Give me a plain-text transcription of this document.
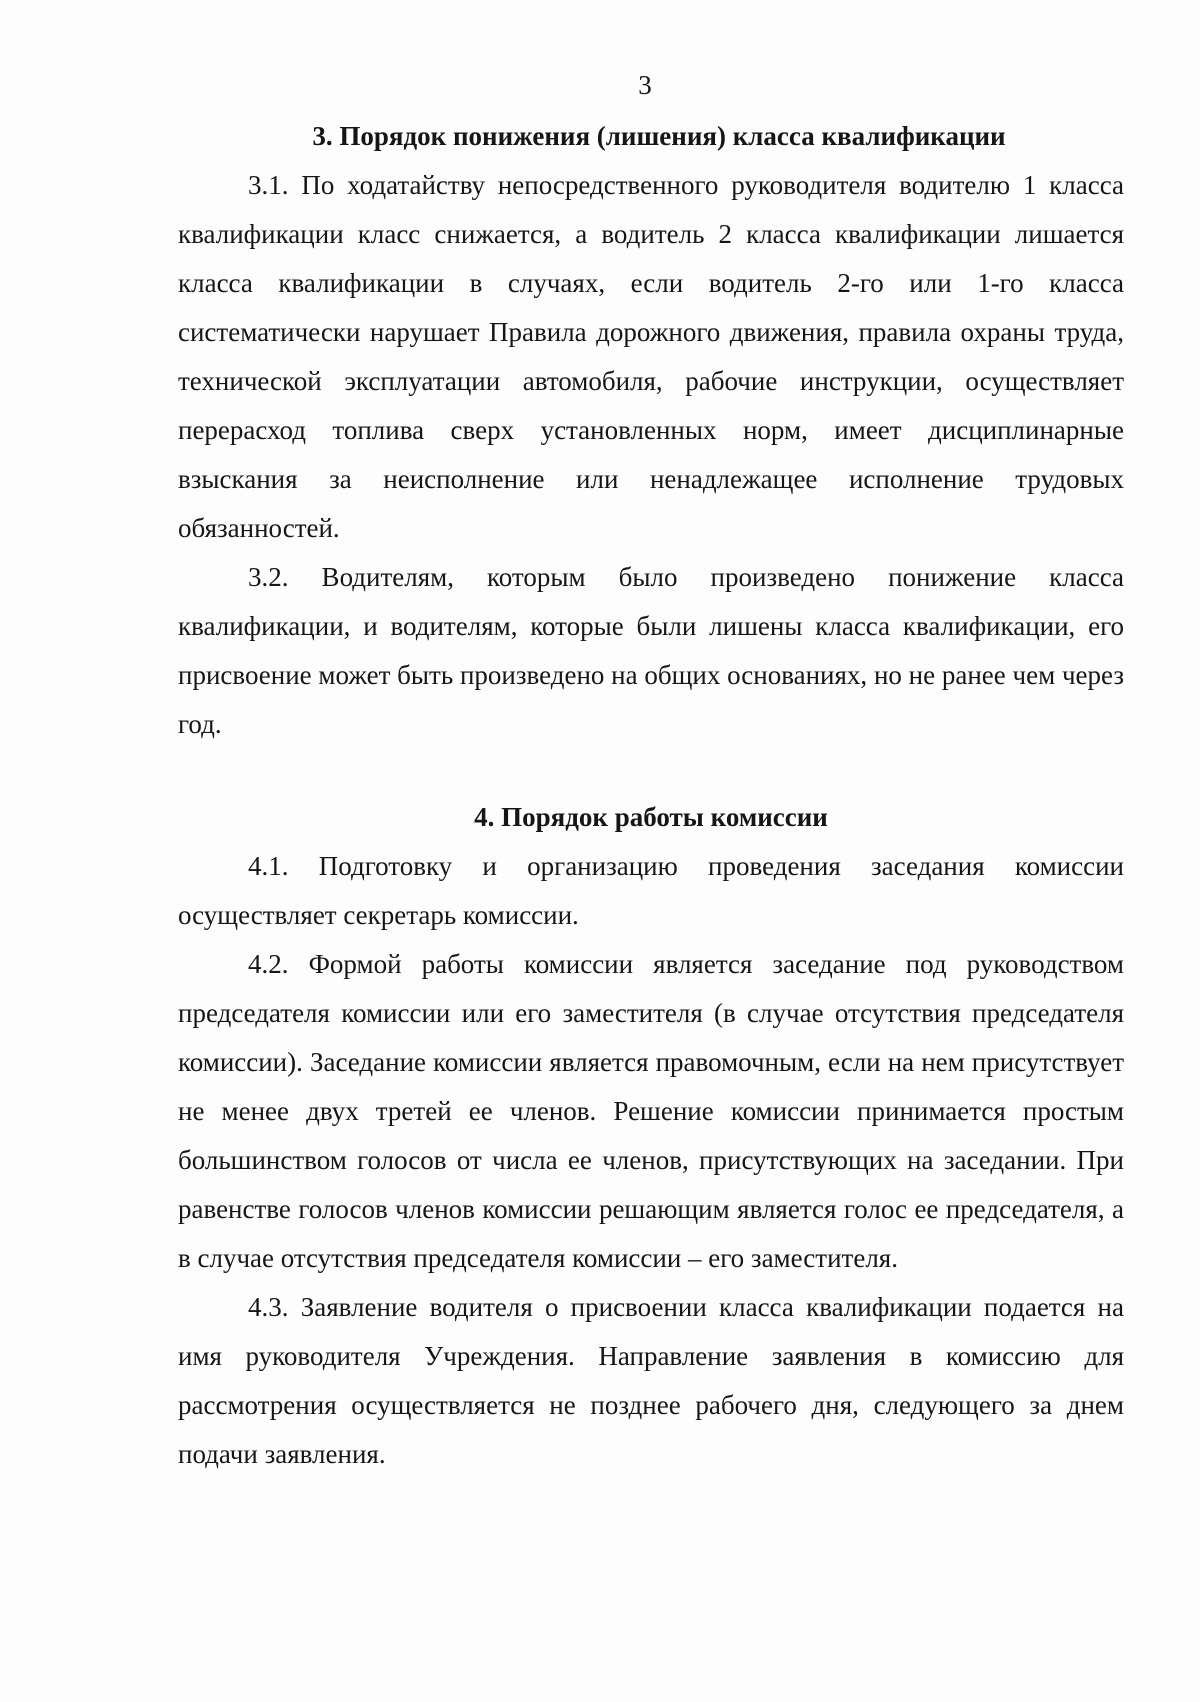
3
3. Порядок понижения (лишения) класса квалификации

3.1. По ходатайству непосредственного руководителя водителю 1 класса квалификации класс снижается, а водитель 2 класса квалификации лишается класса квалификации в случаях, если водитель 2-го или 1-го класса систематически нарушает Правила дорожного движения, правила охраны труда, технической эксплуатации автомобиля, рабочие инструкции, осуществляет перерасход топлива сверх установленных норм, имеет дисциплинарные взыскания за неисполнение или ненадлежащее исполнение трудовых обязанностей.

3.2. Водителям, которым было произведено понижение класса квалификации, и водителям, которые были лишены класса квалификации, его присвоение может быть произведено на общих основаниях, но не ранее чем через год.

4. Порядок работы комиссии

4.1. Подготовку и организацию проведения заседания комиссии осуществляет секретарь комиссии.

4.2. Формой работы комиссии является заседание под руководством председателя комиссии или его заместителя (в случае отсутствия председателя комиссии). Заседание комиссии является правомочным, если на нем присутствует не менее двух третей ее членов. Решение комиссии принимается простым большинством голосов от числа ее членов, присутствующих на заседании. При равенстве голосов членов комиссии решающим является голос ее председателя, а в случае отсутствия председателя комиссии – его заместителя.

4.3. Заявление водителя о присвоении класса квалификации подается на имя руководителя Учреждения. Направление заявления в комиссию для рассмотрения осуществляется не позднее рабочего дня, следующего за днем подачи заявления.
